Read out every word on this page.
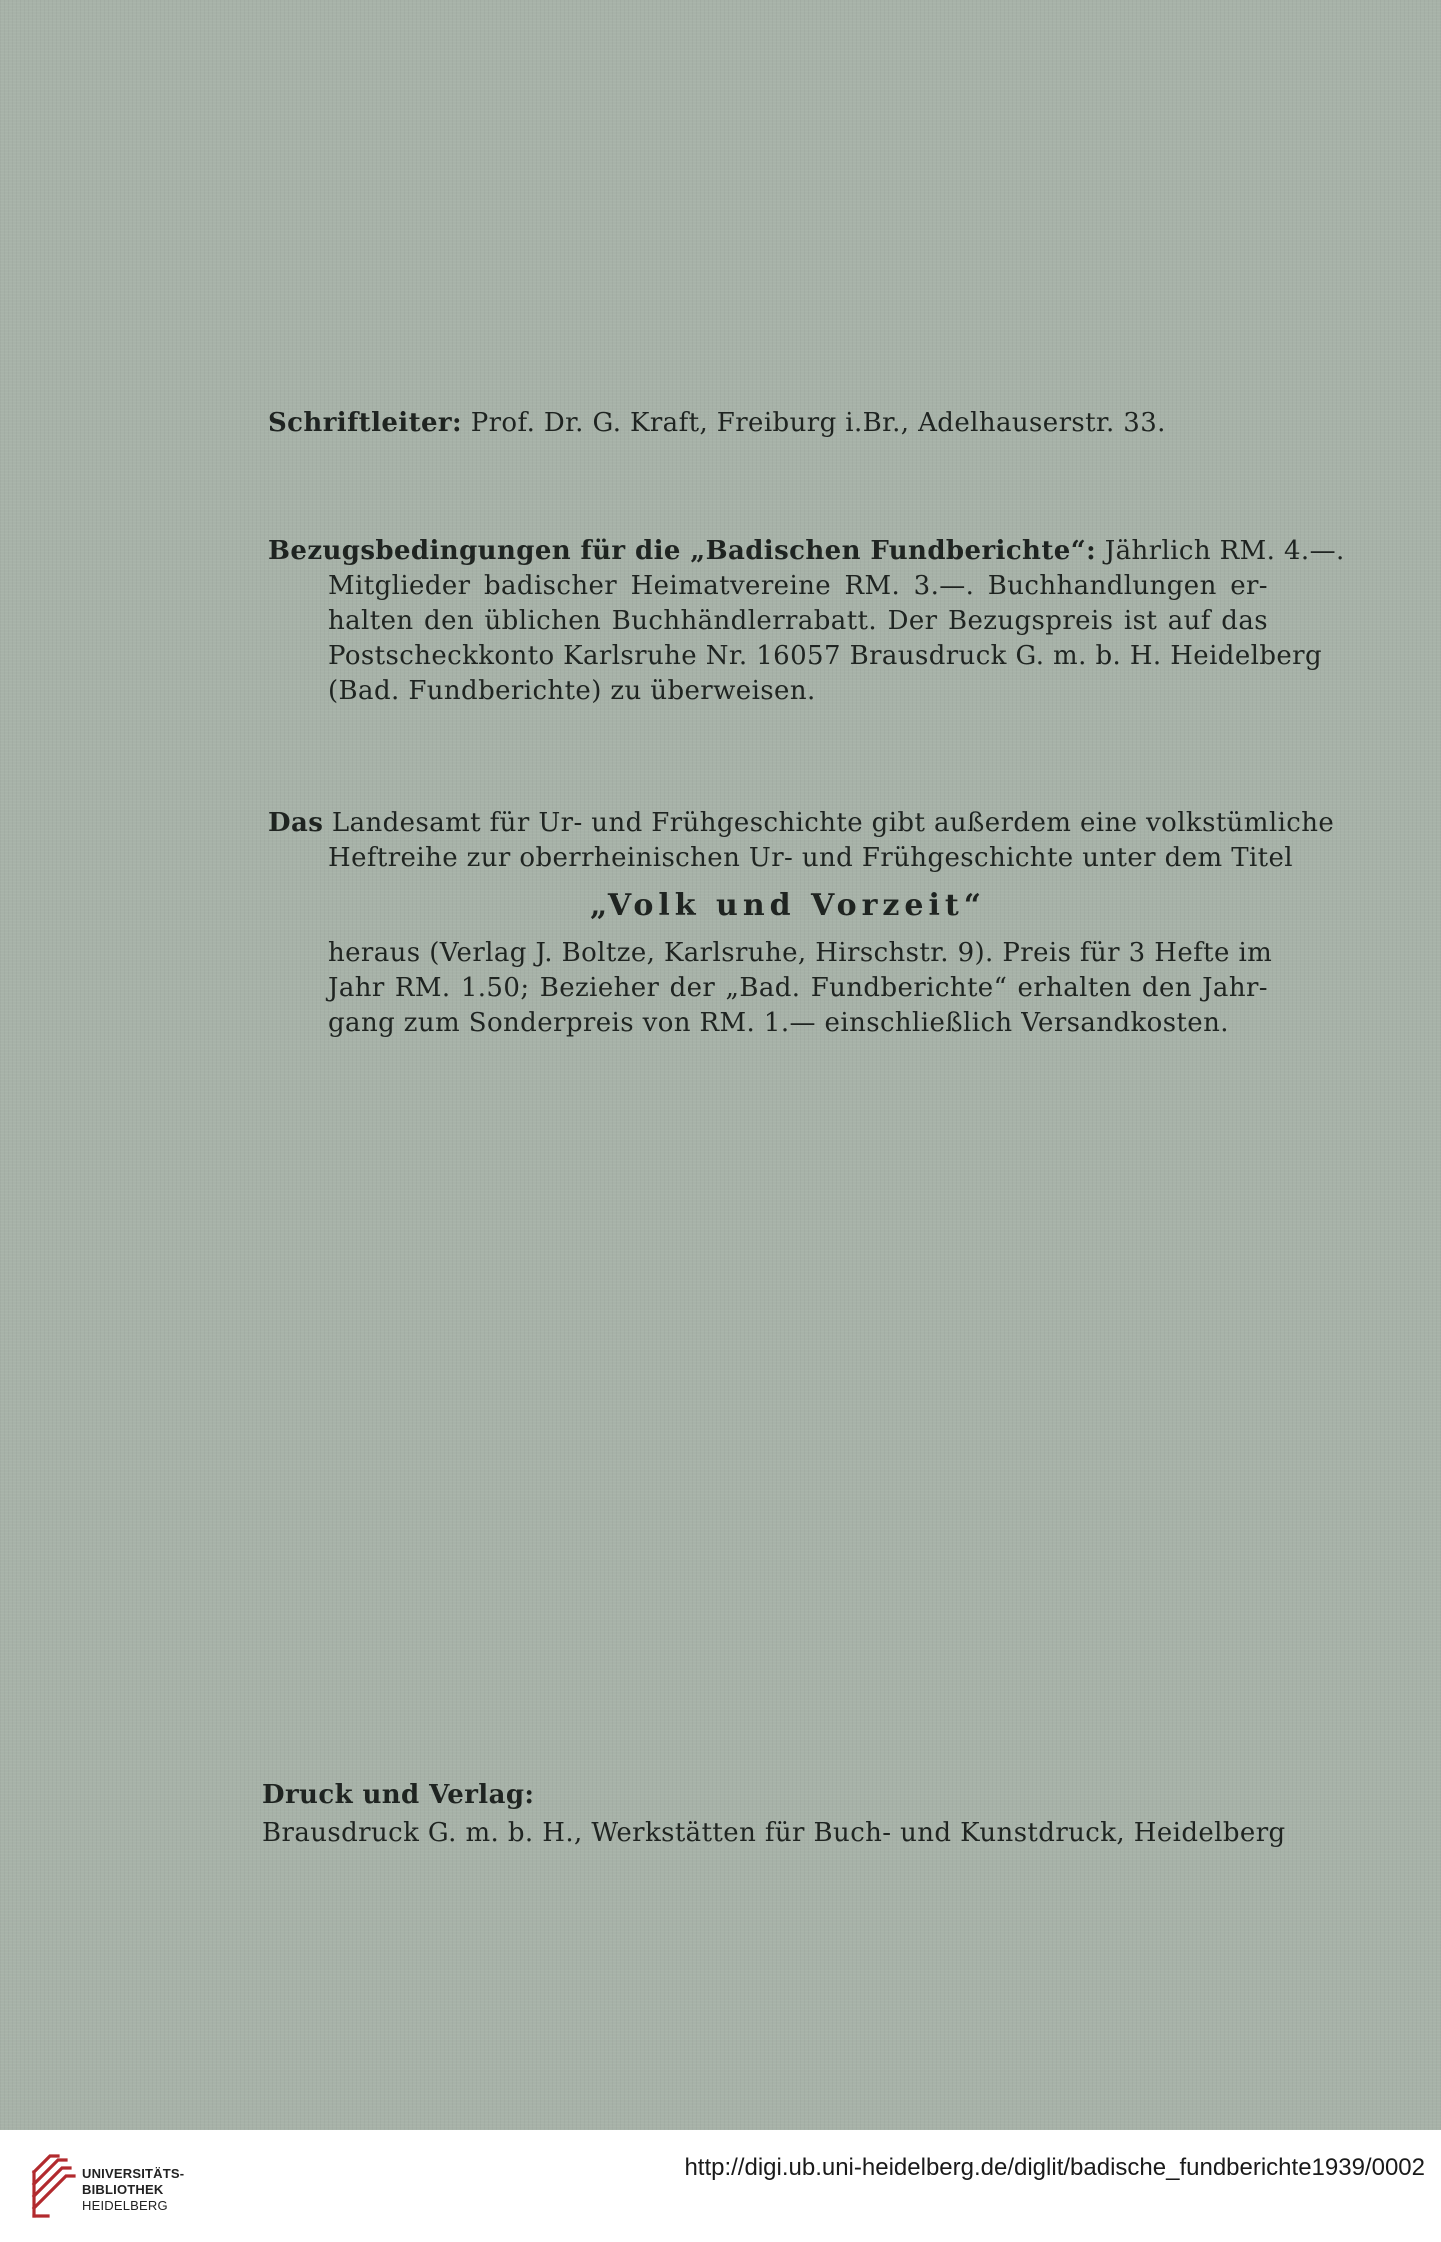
Schriftleiter: Prof. Dr. G. Kraft, Freiburg i.Br., Adelhauserstr. 33.
Bezugsbedingungen für die „Badischen Fundberichte“: Jährlich RM. 4.—.
Mitglieder badischer Heimatvereine RM. 3.—. Buchhandlungen er-
halten den üblichen Buchhändlerrabatt. Der Bezugspreis ist auf das
Postscheckkonto Karlsruhe Nr. 16057 Brausdruck G. m. b. H. Heidelberg
(Bad. Fundberichte) zu überweisen.
Das Landesamt für Ur- und Frühgeschichte gibt außerdem eine volkstümliche
Heftreihe zur oberrheinischen Ur- und Frühgeschichte unter dem Titel
„Volk und Vorzeit“
heraus (Verlag J. Boltze, Karlsruhe, Hirschstr. 9). Preis für 3 Hefte im
Jahr RM. 1.50; Bezieher der „Bad. Fundberichte“ erhalten den Jahr-
gang zum Sonderpreis von RM. 1.— einschließlich Versandkosten.
Druck und Verlag:
Brausdruck G. m. b. H., Werkstätten für Buch- und Kunstdruck, Heidelberg
UNIVERSITÄTS-
BIBLIOTHEK
HEIDELBERG
http://digi.ub.uni-heidelberg.de/diglit/badische_fundberichte1939/0002
